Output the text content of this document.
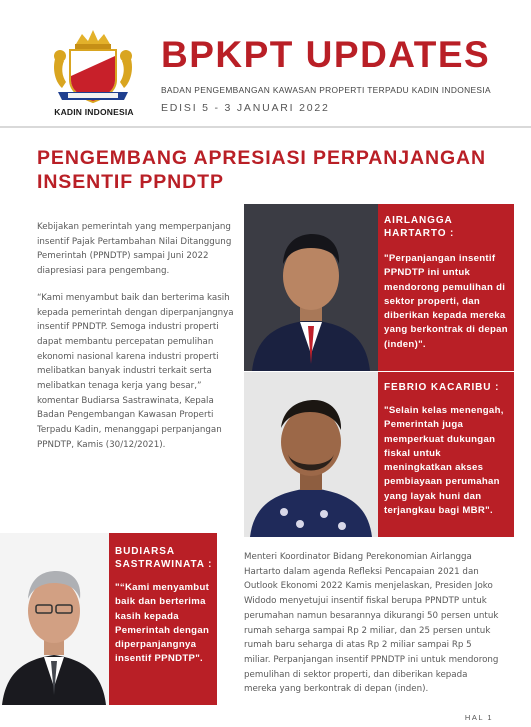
KADIN INDONESIA
BPKPT UPDATES
BADAN PENGEMBANGAN KAWASAN PROPERTI TERPADU KADIN INDONESIA
EDISI 5 - 3 JANUARI 2022
PENGEMBANG APRESIASI PERPANJANGAN INSENTIF PPNDTP

Kebijakan pemerintah yang memperpanjang insentif Pajak Pertambahan Nilai Ditanggung Pemerintah (PPNDTP) sampai Juni 2022 diapresiasi para pengembang.

“Kami menyambut baik dan berterima kasih kepada pemerintah dengan diperpanjangnya insentif PPNDTP. Semoga industri properti dapat membantu percepatan pemulihan ekonomi nasional karena industri properti melibatkan banyak industri terkait serta melibatkan tenaga kerja yang besar,” komentar Budiarsa Sastrawinata, Kepala Badan Pengembangan Kawasan Properti Terpadu Kadin, menanggapi perpanjangan PPNDTP, Kamis (30/12/2021).

AIRLANGGA HARTARTO :
"Perpanjangan insentif PPNDTP ini untuk mendorong pemulihan di sektor properti, dan diberikan kepada mereka yang berkontrak di depan (inden)".
FEBRIO KACARIBU :
"Selain kelas menengah, Pemerintah juga memperkuat dukungan fiskal untuk meningkatkan akses pembiayaan perumahan yang layak huni dan terjangkau bagi MBR".
BUDIARSA SASTRAWINATA :
"“Kami menyambut baik dan berterima kasih kepada Pemerintah dengan diperpanjangnya insentif PPNDTP".

Menteri Koordinator Bidang Perekonomian Airlangga Hartarto dalam agenda Refleksi Pencapaian 2021 dan Outlook Ekonomi 2022 Kamis menjelaskan, Presiden Joko Widodo menyetujui insentif fiskal berupa PPNDTP untuk perumahan namun besarannya dikurangi 50 persen untuk rumah seharga sampai Rp 2 miliar, dan 25 persen untuk rumah baru seharga di atas Rp 2 miliar sampai Rp 5 miliar. Perpanjangan insentif PPNDTP ini untuk mendorong pemulihan di sektor properti, dan diberikan kepada mereka yang berkontrak di depan (inden).

HAL 1
